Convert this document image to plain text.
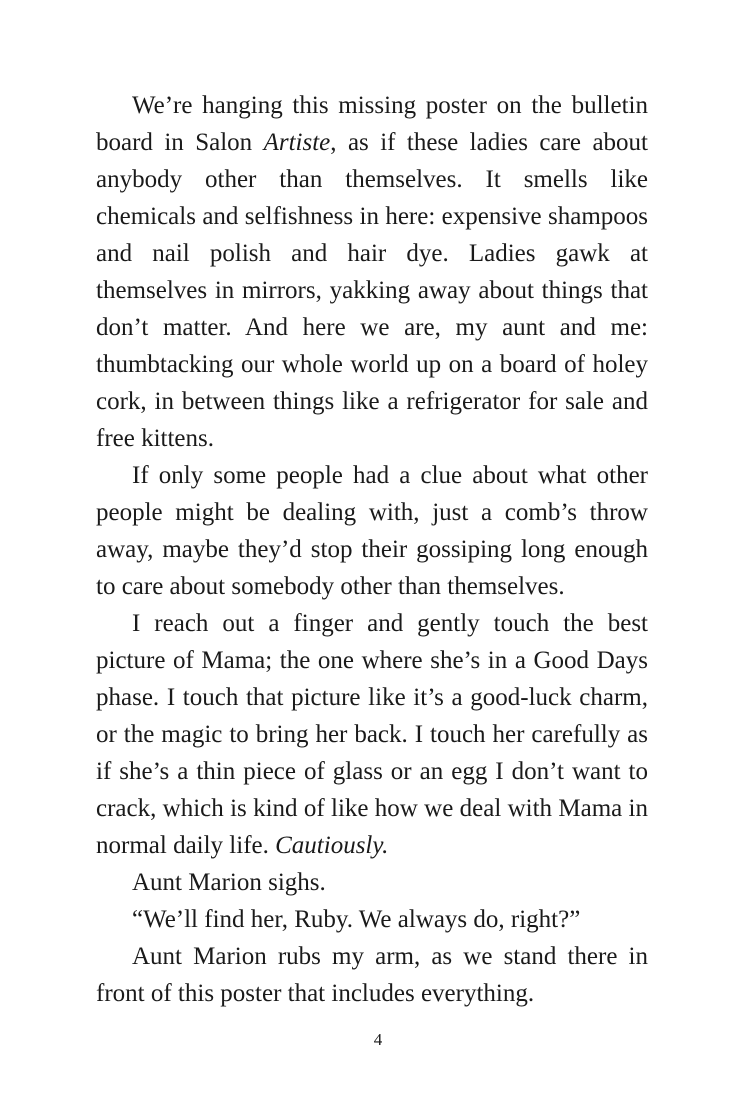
We’re hanging this missing poster on the bulletin board in Salon Artiste, as if these ladies care about anybody other than themselves. It smells like chemicals and selfishness in here: expensive shampoos and nail polish and hair dye. Ladies gawk at themselves in mirrors, yakking away about things that don’t matter. And here we are, my aunt and me: thumbtacking our whole world up on a board of holey cork, in between things like a refrigerator for sale and free kittens.

If only some people had a clue about what other people might be dealing with, just a comb’s throw away, maybe they’d stop their gossiping long enough to care about somebody other than themselves.

I reach out a finger and gently touch the best picture of Mama; the one where she’s in a Good Days phase. I touch that picture like it’s a good-luck charm, or the magic to bring her back. I touch her carefully as if she’s a thin piece of glass or an egg I don’t want to crack, which is kind of like how we deal with Mama in normal daily life. Cautiously.

Aunt Marion sighs.

“We’ll find her, Ruby. We always do, right?”

Aunt Marion rubs my arm, as we stand there in front of this poster that includes everything.

4
